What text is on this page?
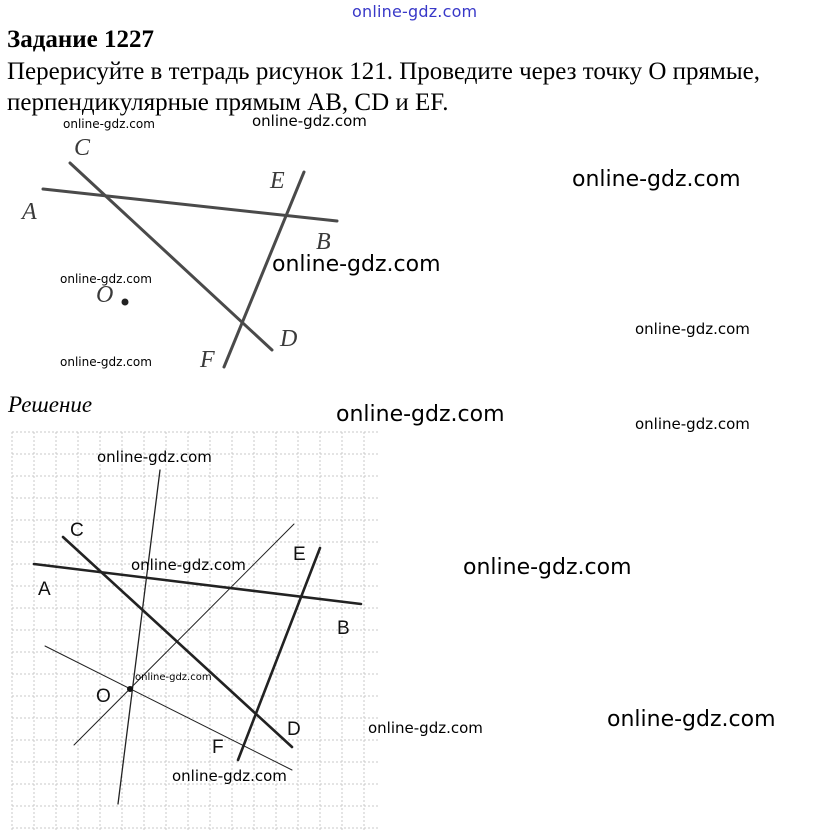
online-gdz.com
Задание 1227
Перерисуйте в тетрадь рисунок 121. Проведите через точку O прямые, перпендикулярные прямым AB, CD и EF.
A
B
C
D
E
F
O
Решение
A
B
C
D
E
F
O
online-gdz.com	online-gdz.com
online-gdz.com
online-gdz.com
online-gdz.com
online-gdz.com
online-gdz.com
online-gdz.com	online-gdz.com
online-gdz.com
online-gdz.com	online-gdz.com
online-gdz.com
online-gdz.com
online-gdz.com
online-gdz.com
